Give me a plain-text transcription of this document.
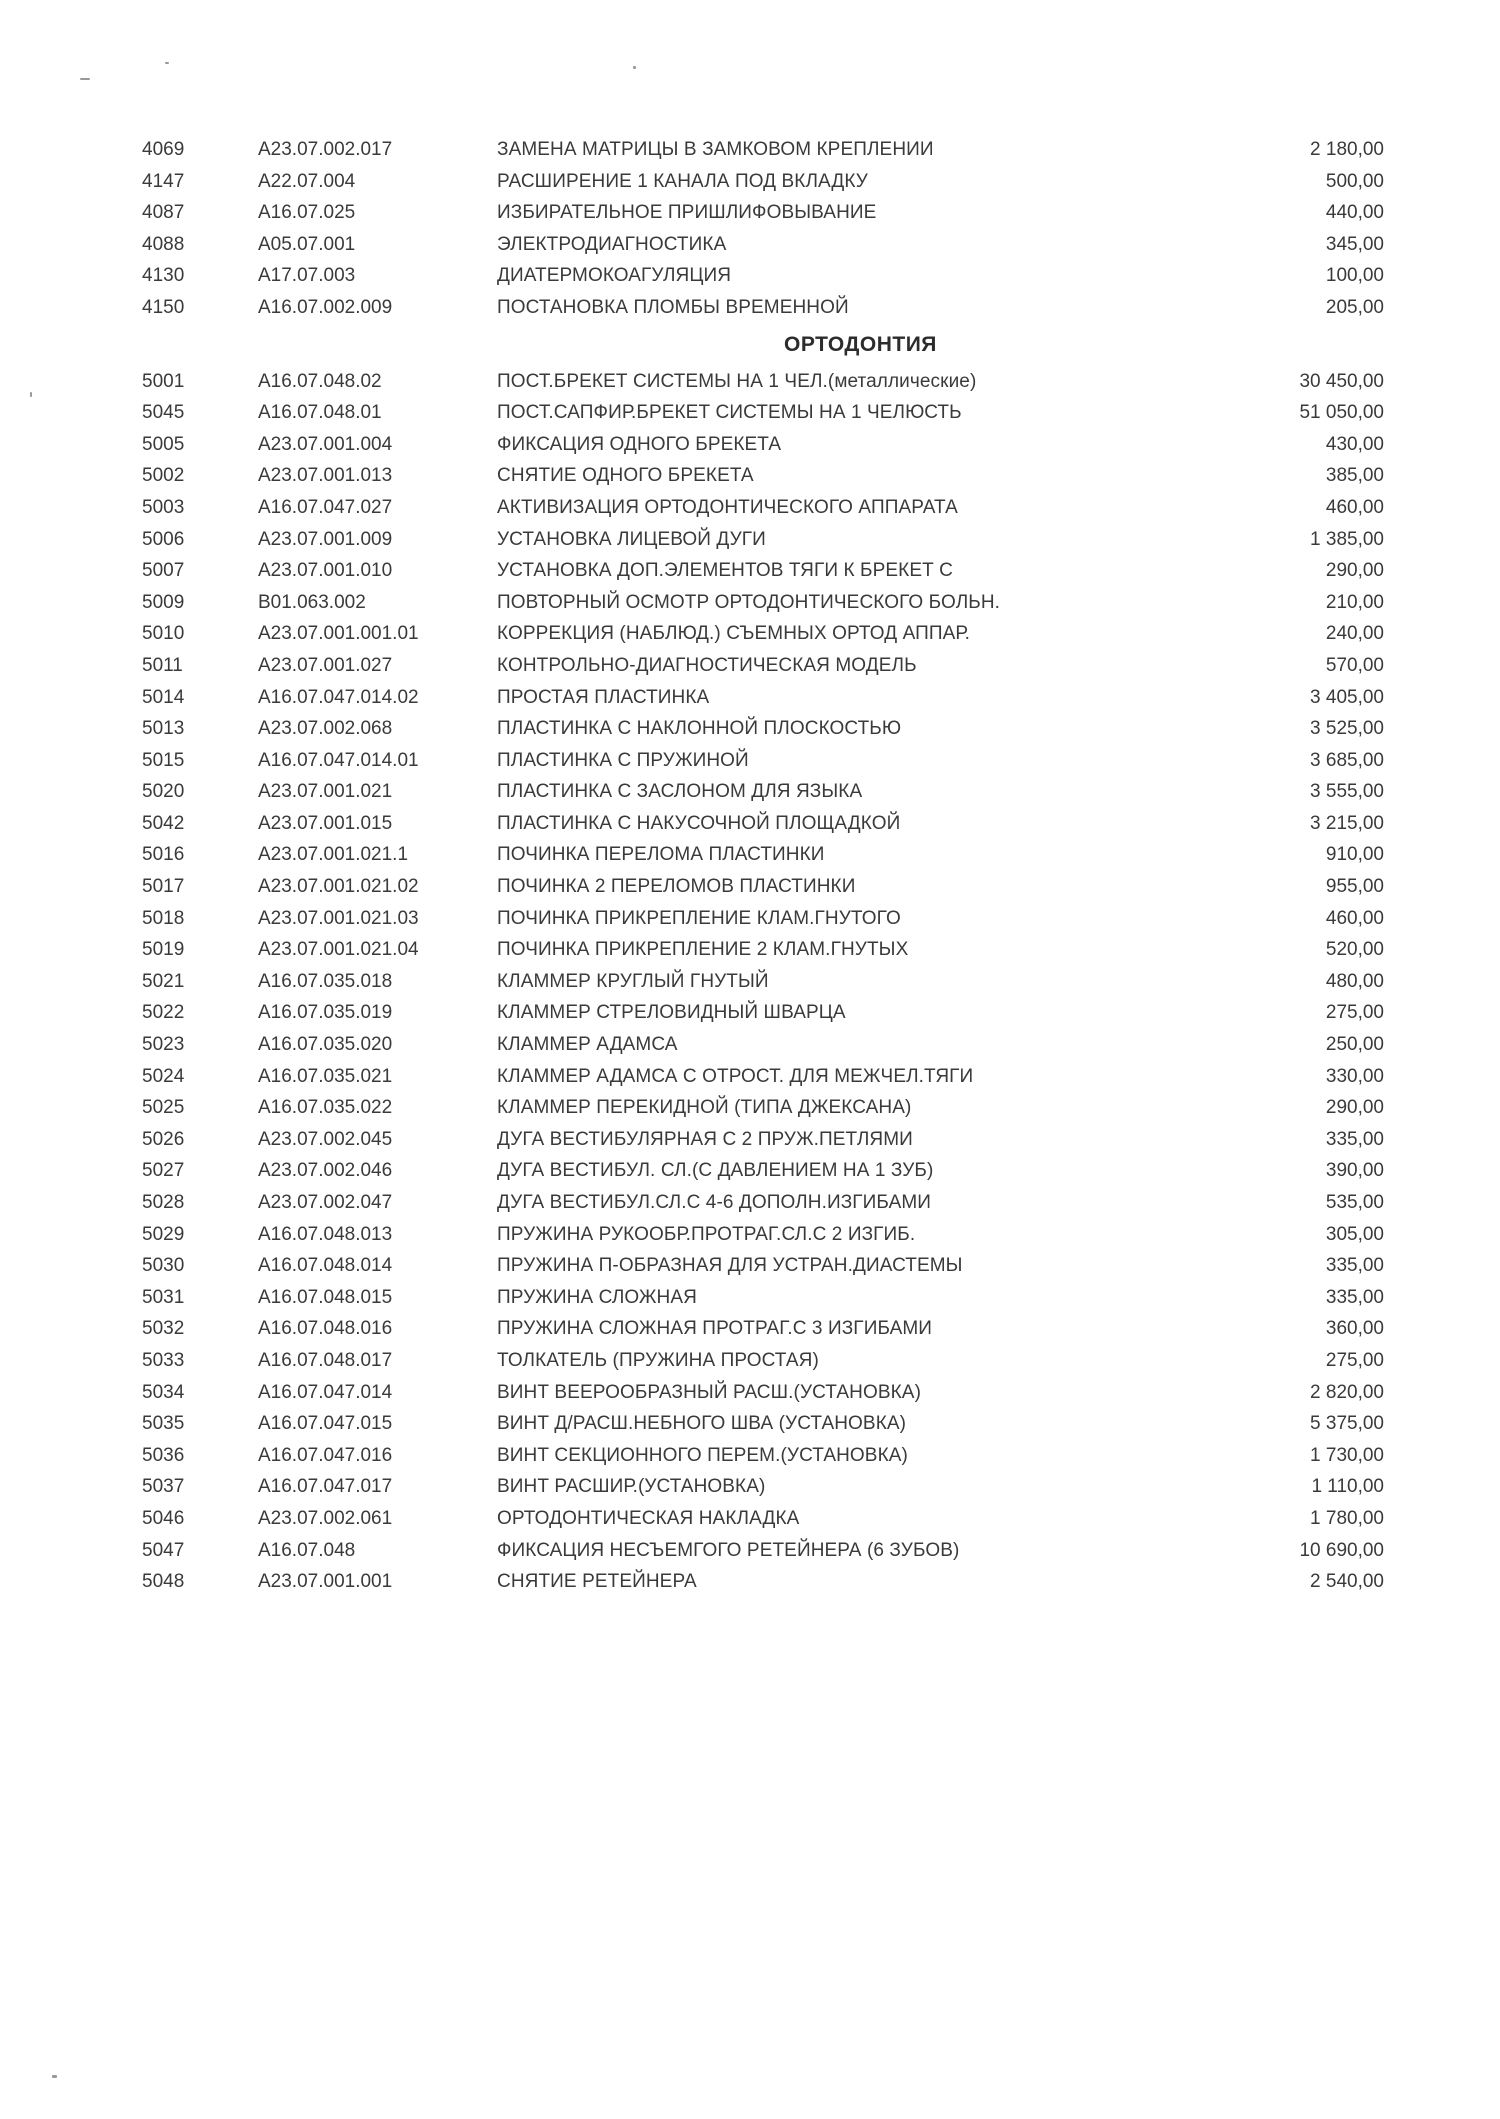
4069	A23.07.002.017	ЗАМЕНА МАТРИЦЫ В ЗАМКОВОМ КРЕПЛЕНИИ	2 180,00
4147	A22.07.004	РАСШИРЕНИЕ 1 КАНАЛА ПОД ВКЛАДКУ	500,00
4087	A16.07.025	ИЗБИРАТЕЛЬНОЕ ПРИШЛИФОВЫВАНИЕ	440,00
4088	A05.07.001	ЭЛЕКТРОДИАГНОСТИКА	345,00
4130	A17.07.003	ДИАТЕРМОКОАГУЛЯЦИЯ	100,00
4150	A16.07.002.009	ПОСТАНОВКА ПЛОМБЫ ВРЕМЕННОЙ	205,00
ОРТОДОНТИЯ
5001	A16.07.048.02	ПОСТ.БРЕКЕТ СИСТЕМЫ НА 1 ЧЕЛ.(металлические)	30 450,00
5045	A16.07.048.01	ПОСТ.САПФИР.БРЕКЕТ СИСТЕМЫ НА 1 ЧЕЛЮСТЬ	51 050,00
5005	A23.07.001.004	ФИКСАЦИЯ ОДНОГО БРЕКЕТА	430,00
5002	A23.07.001.013	СНЯТИЕ ОДНОГО БРЕКЕТА	385,00
5003	A16.07.047.027	АКТИВИЗАЦИЯ ОРТОДОНТИЧЕСКОГО АППАРАТА	460,00
5006	A23.07.001.009	УСТАНОВКА ЛИЦЕВОЙ ДУГИ	1 385,00
5007	A23.07.001.010	УСТАНОВКА ДОП.ЭЛЕМЕНТОВ ТЯГИ К БРЕКЕТ С	290,00
5009	B01.063.002	ПОВТОРНЫЙ ОСМОТР ОРТОДОНТИЧЕСКОГО БОЛЬН.	210,00
5010	A23.07.001.001.01	КОРРЕКЦИЯ (НАБЛЮД.) СЪЕМНЫХ ОРТОД АППАР.	240,00
5011	A23.07.001.027	КОНТРОЛЬНО-ДИАГНОСТИЧЕСКАЯ МОДЕЛЬ	570,00
5014	A16.07.047.014.02	ПРОСТАЯ ПЛАСТИНКА	3 405,00
5013	A23.07.002.068	ПЛАСТИНКА С НАКЛОННОЙ ПЛОСКОСТЬЮ	3 525,00
5015	A16.07.047.014.01	ПЛАСТИНКА С ПРУЖИНОЙ	3 685,00
5020	A23.07.001.021	ПЛАСТИНКА С ЗАСЛОНОМ ДЛЯ ЯЗЫКА	3 555,00
5042	A23.07.001.015	ПЛАСТИНКА С НАКУСОЧНОЙ ПЛОЩАДКОЙ	3 215,00
5016	A23.07.001.021.1	ПОЧИНКА ПЕРЕЛОМА ПЛАСТИНКИ	910,00
5017	A23.07.001.021.02	ПОЧИНКА 2 ПЕРЕЛОМОВ ПЛАСТИНКИ	955,00
5018	A23.07.001.021.03	ПОЧИНКА ПРИКРЕПЛЕНИЕ КЛАМ.ГНУТОГО	460,00
5019	A23.07.001.021.04	ПОЧИНКА ПРИКРЕПЛЕНИЕ 2 КЛАМ.ГНУТЫХ	520,00
5021	A16.07.035.018	КЛАММЕР КРУГЛЫЙ ГНУТЫЙ	480,00
5022	A16.07.035.019	КЛАММЕР СТРЕЛОВИДНЫЙ ШВАРЦА	275,00
5023	A16.07.035.020	КЛАММЕР АДАМСА	250,00
5024	A16.07.035.021	КЛАММЕР АДАМСА С ОТРОСТ. ДЛЯ МЕЖЧЕЛ.ТЯГИ	330,00
5025	A16.07.035.022	КЛАММЕР ПЕРЕКИДНОЙ (ТИПА ДЖЕКСАНА)	290,00
5026	A23.07.002.045	ДУГА ВЕСТИБУЛЯРНАЯ С 2 ПРУЖ.ПЕТЛЯМИ	335,00
5027	A23.07.002.046	ДУГА ВЕСТИБУЛ. СЛ.(С ДАВЛЕНИЕМ НА 1 ЗУБ)	390,00
5028	A23.07.002.047	ДУГА ВЕСТИБУЛ.СЛ.С 4-6 ДОПОЛН.ИЗГИБАМИ	535,00
5029	A16.07.048.013	ПРУЖИНА РУКООБР.ПРОТРАГ.СЛ.С 2 ИЗГИБ.	305,00
5030	A16.07.048.014	ПРУЖИНА П-ОБРАЗНАЯ ДЛЯ УСТРАН.ДИАСТЕМЫ	335,00
5031	A16.07.048.015	ПРУЖИНА СЛОЖНАЯ	335,00
5032	A16.07.048.016	ПРУЖИНА СЛОЖНАЯ ПРОТРАГ.С 3 ИЗГИБАМИ	360,00
5033	A16.07.048.017	ТОЛКАТЕЛЬ (ПРУЖИНА ПРОСТАЯ)	275,00
5034	A16.07.047.014	ВИНТ ВЕЕРООБРАЗНЫЙ РАСШ.(УСТАНОВКА)	2 820,00
5035	A16.07.047.015	ВИНТ Д/РАСШ.НЕБНОГО ШВА (УСТАНОВКА)	5 375,00
5036	A16.07.047.016	ВИНТ СЕКЦИОННОГО ПЕРЕМ.(УСТАНОВКА)	1 730,00
5037	A16.07.047.017	ВИНТ РАСШИР.(УСТАНОВКА)	1 110,00
5046	A23.07.002.061	ОРТОДОНТИЧЕСКАЯ НАКЛАДКА	1 780,00
5047	A16.07.048	ФИКСАЦИЯ НЕСЪЕМГОГО РЕТЕЙНЕРА (6 ЗУБОВ)	10 690,00
5048	A23.07.001.001	СНЯТИЕ РЕТЕЙНЕРА	2 540,00
